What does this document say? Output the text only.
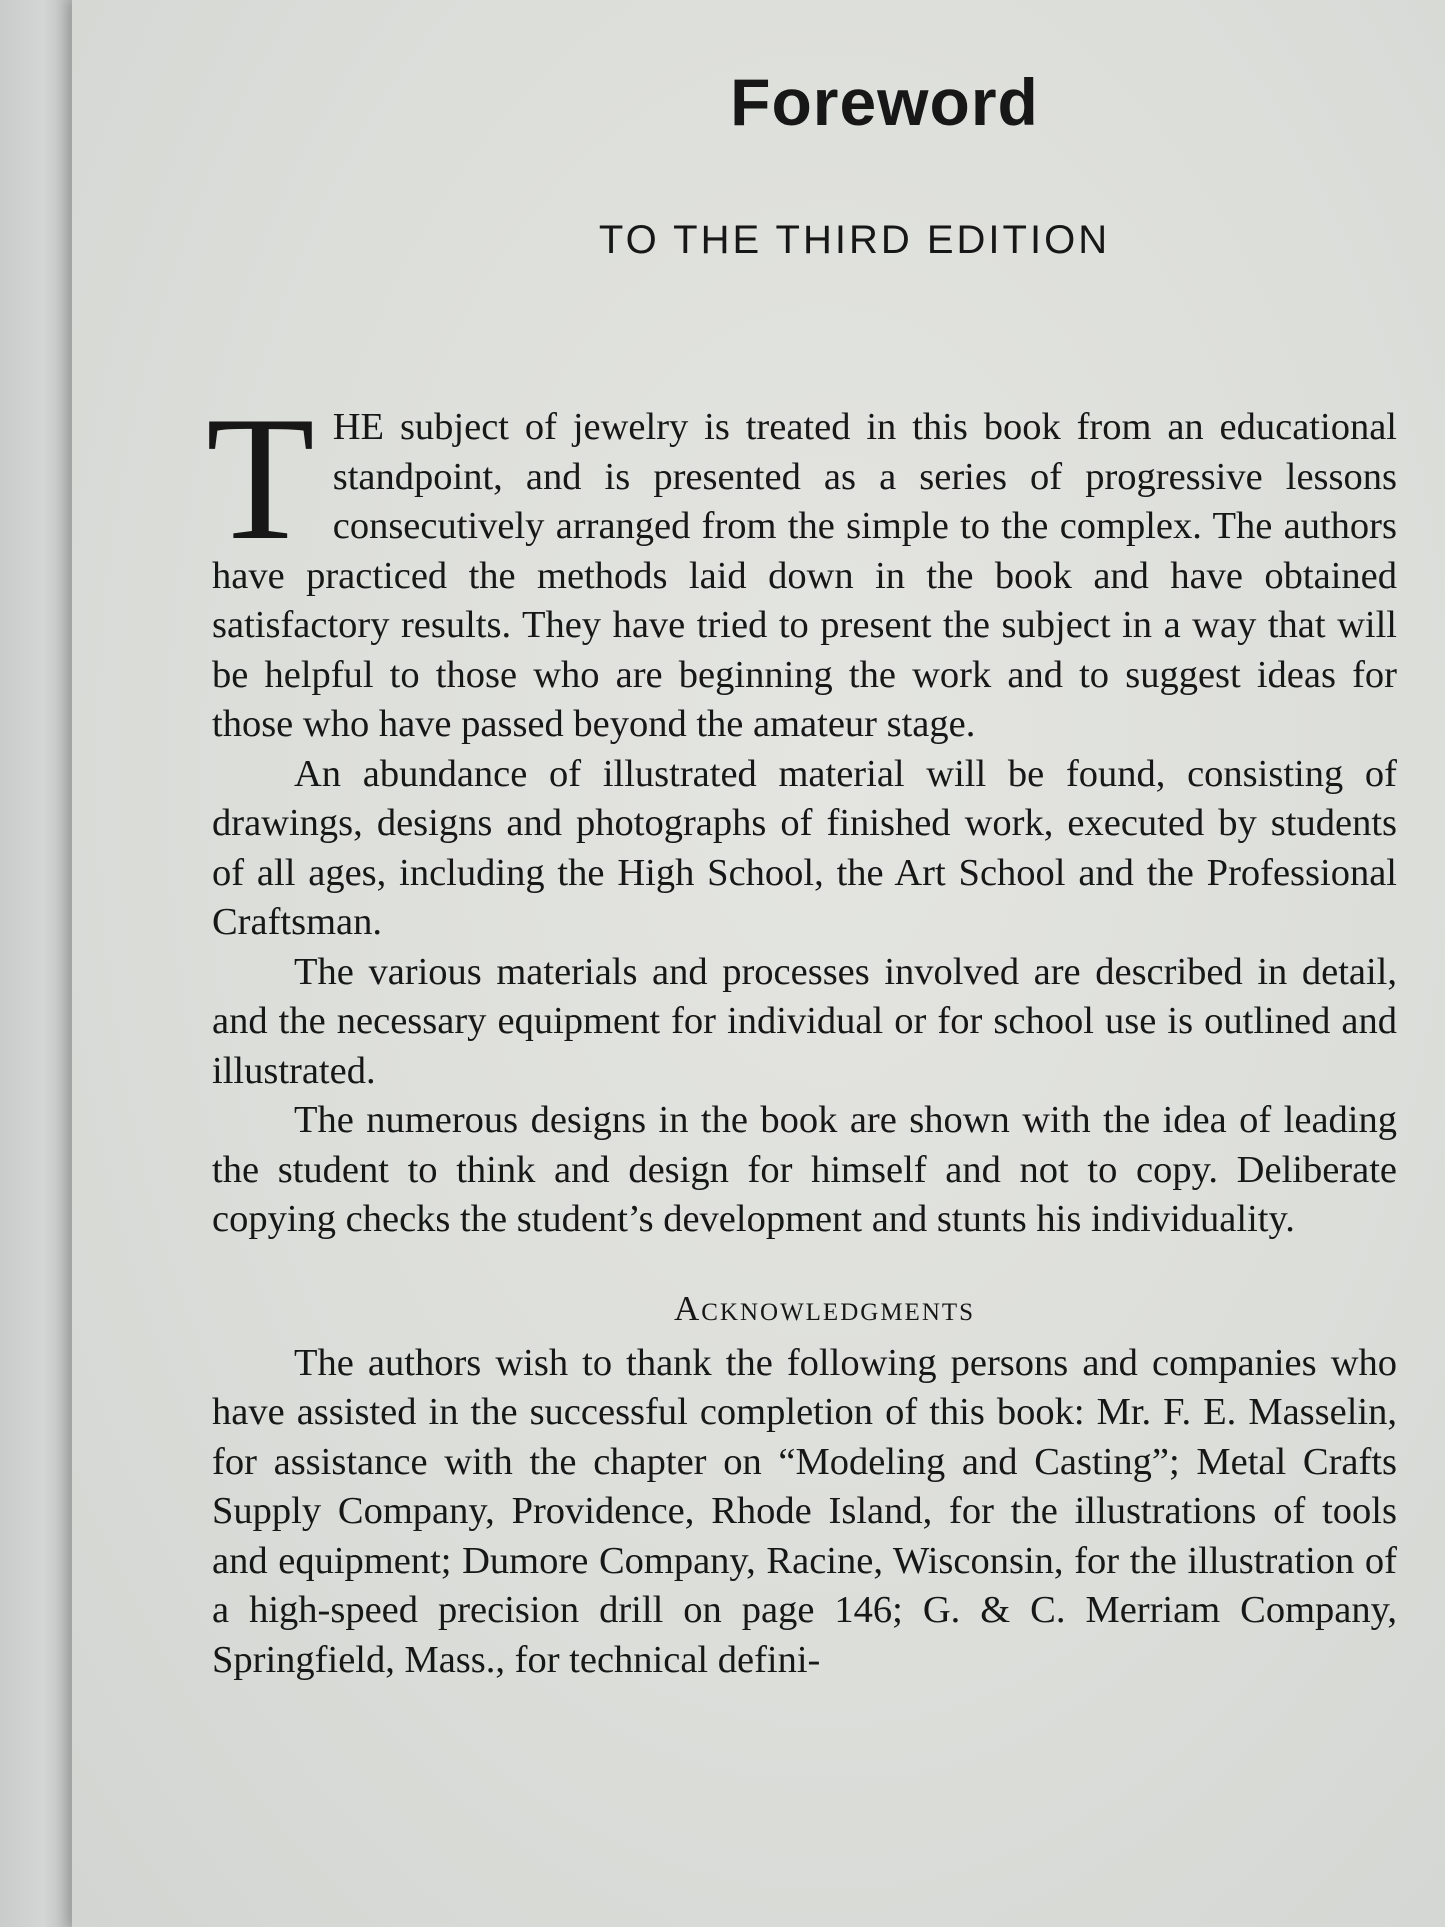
Foreword
TO THE THIRD EDITION

THE subject of jewelry is treated in this book from an educational standpoint, and is presented as a series of progressive lessons consecutively arranged from the simple to the complex. The authors have practiced the methods laid down in the book and have obtained satisfactory results. They have tried to present the subject in a way that will be helpful to those who are beginning the work and to suggest ideas for those who have passed beyond the amateur stage.

An abundance of illustrated material will be found, consisting of drawings, designs and photographs of finished work, executed by students of all ages, including the High School, the Art School and the Professional Craftsman.

The various materials and processes involved are described in detail, and the necessary equipment for individual or for school use is outlined and illustrated.

The numerous designs in the book are shown with the idea of leading the student to think and design for himself and not to copy. Deliberate copying checks the student’s development and stunts his individuality.

Acknowledgments

The authors wish to thank the following persons and companies who have assisted in the successful completion of this book: Mr. F. E. Masselin, for assistance with the chapter on “Modeling and Casting”; Metal Crafts Supply Company, Providence, Rhode Island, for the illustrations of tools and equipment; Dumore Company, Racine, Wisconsin, for the illustration of a high-speed precision drill on page 146; G. & C. Merriam Company, Springfield, Mass., for technical defini-
